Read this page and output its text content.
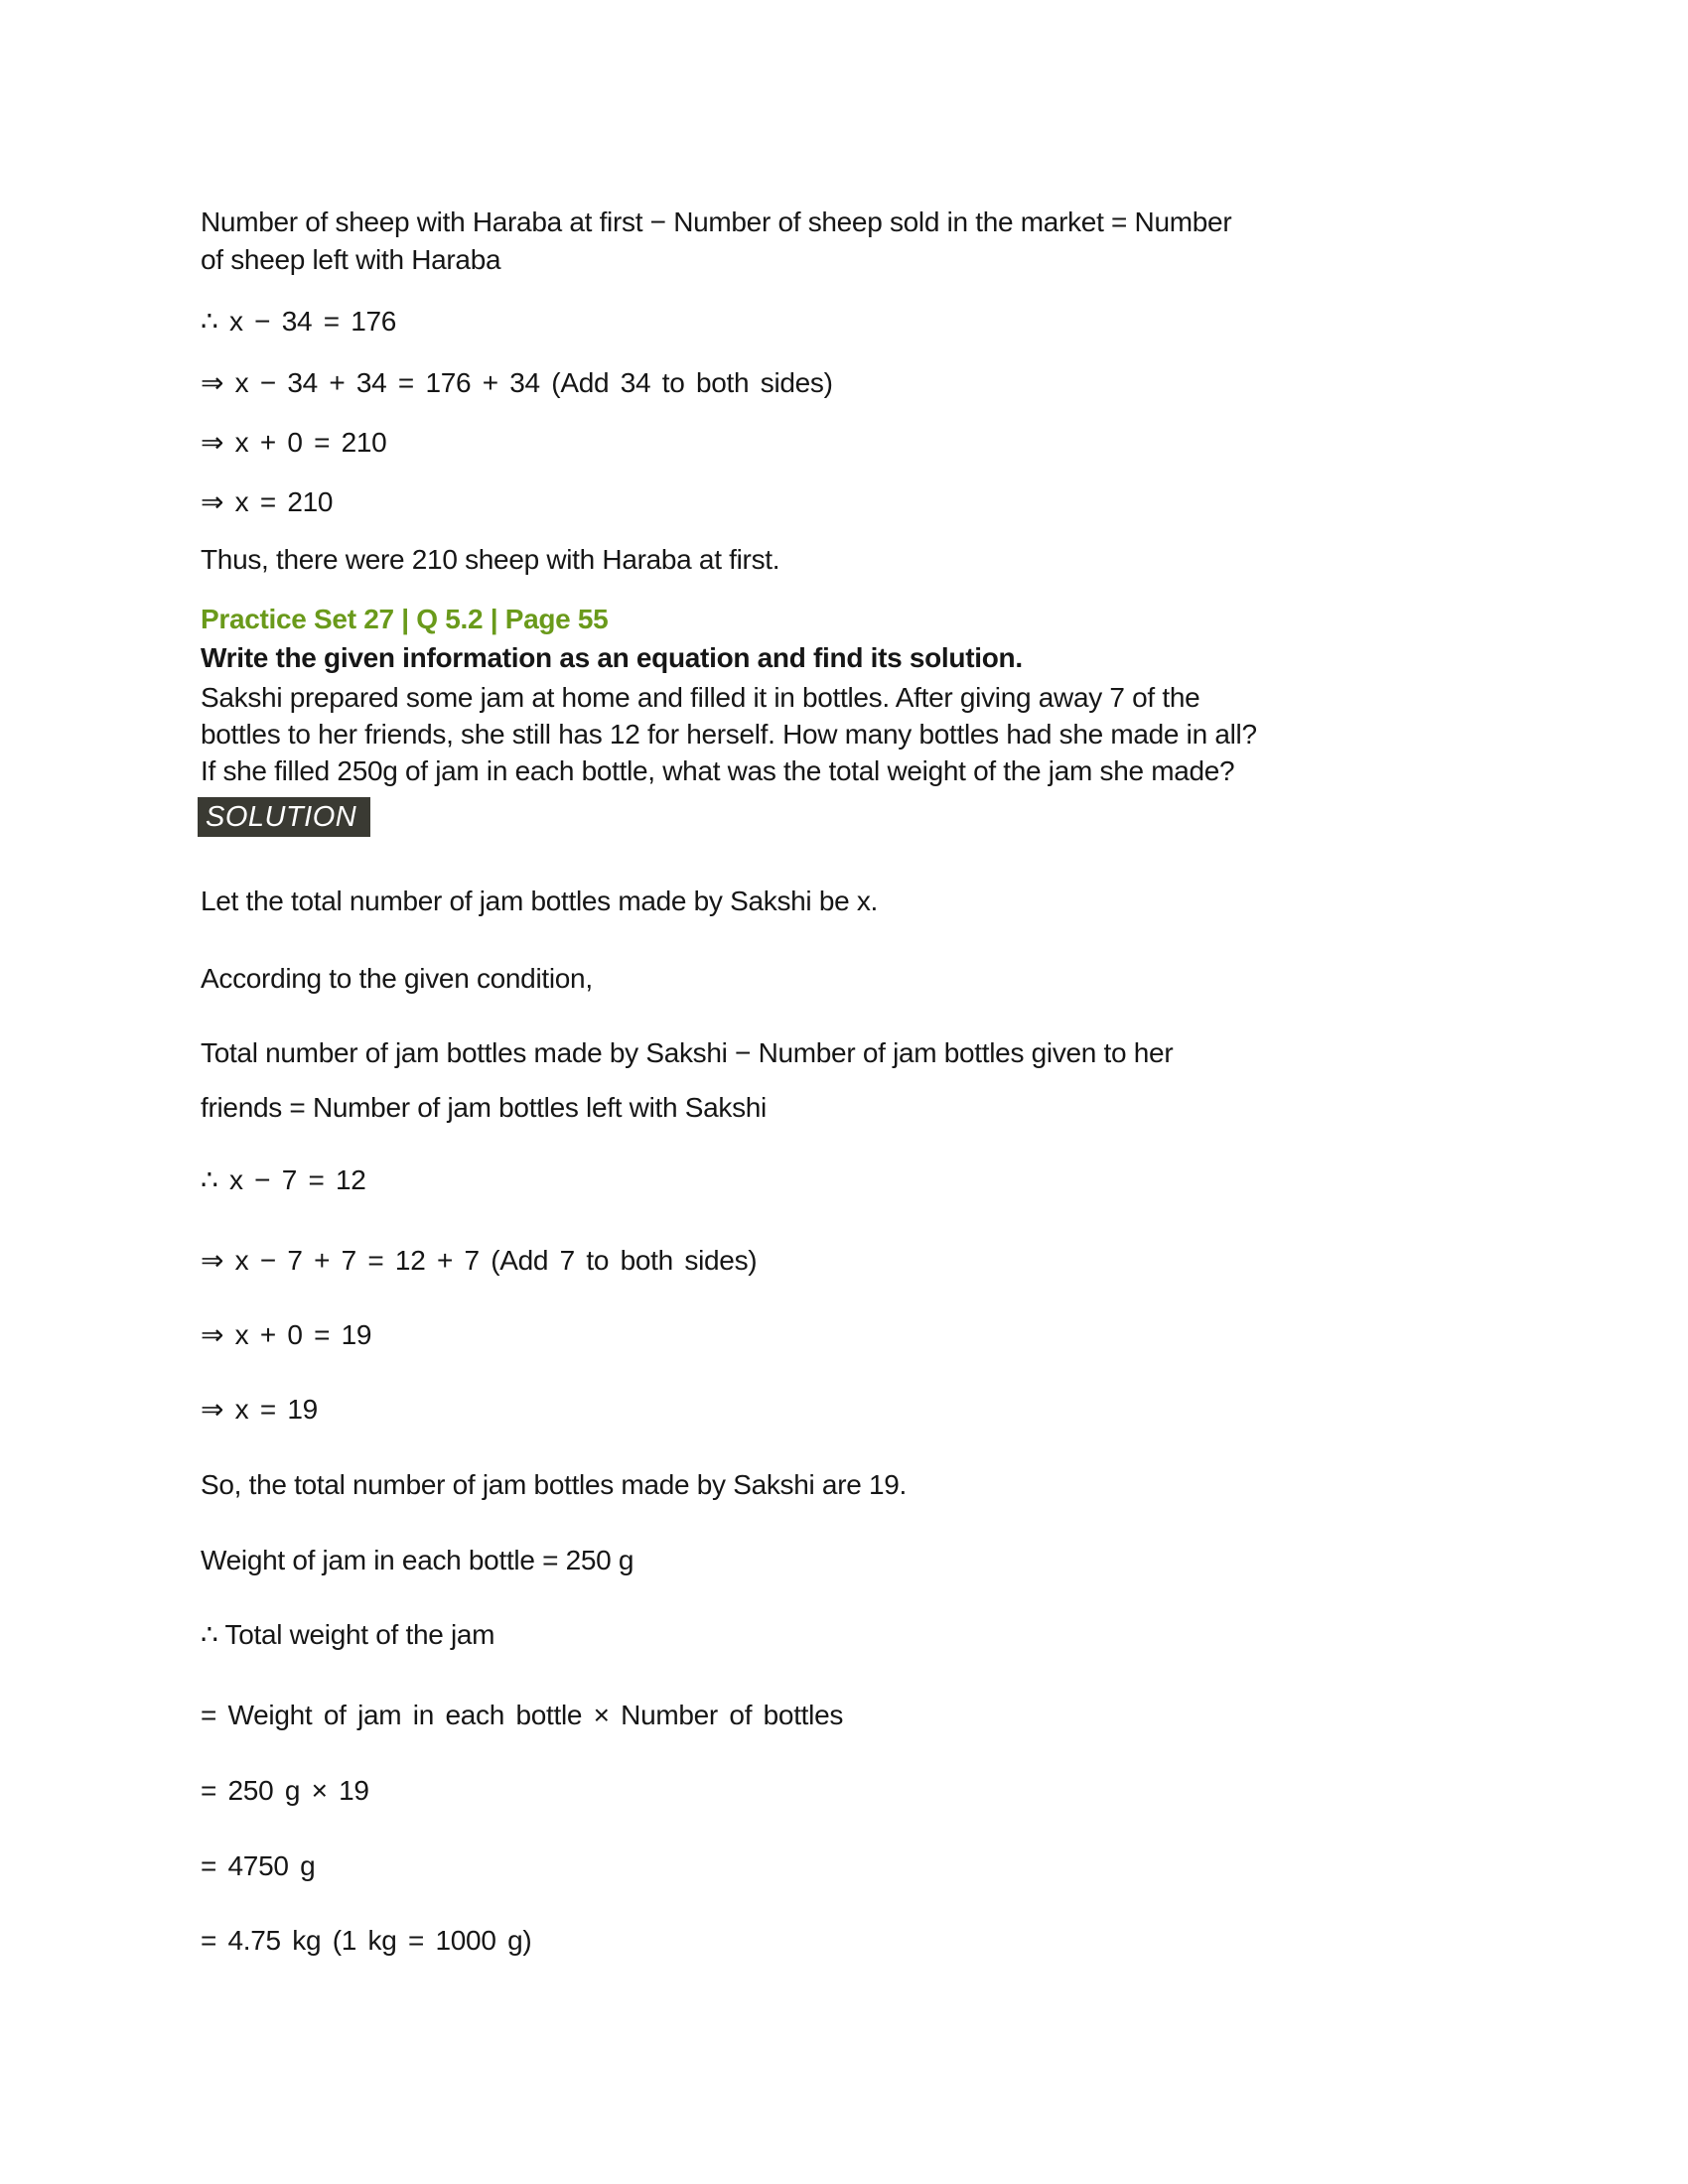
Number of sheep with Haraba at first − Number of sheep sold in the market = Number
of sheep left with Haraba
∴ x − 34 = 176
⇒ x − 34 + 34 = 176 + 34 (Add 34 to both sides)
⇒ x + 0 = 210
⇒ x = 210
Thus, there were 210 sheep with Haraba at first.
Practice Set 27 | Q 5.2 | Page 55
Write the given information as an equation and find its solution.
Sakshi prepared some jam at home and filled it in bottles. After giving away 7 of the
bottles to her friends, she still has 12 for herself. How many bottles had she made in all?
If she filled 250g of jam in each bottle, what was the total weight of the jam she made?
SOLUTION
Let the total number of jam bottles made by Sakshi be x.
According to the given condition,
Total number of jam bottles made by Sakshi − Number of jam bottles given to her
friends = Number of jam bottles left with Sakshi
∴ x − 7 = 12
⇒ x − 7 + 7 = 12 + 7 (Add 7 to both sides)
⇒ x + 0 = 19
⇒ x = 19
So, the total number of jam bottles made by Sakshi are 19.
Weight of jam in each bottle = 250 g
∴ Total weight of the jam
= Weight of jam in each bottle × Number of bottles
= 250 g × 19
= 4750 g
= 4.75 kg (1 kg = 1000 g)
